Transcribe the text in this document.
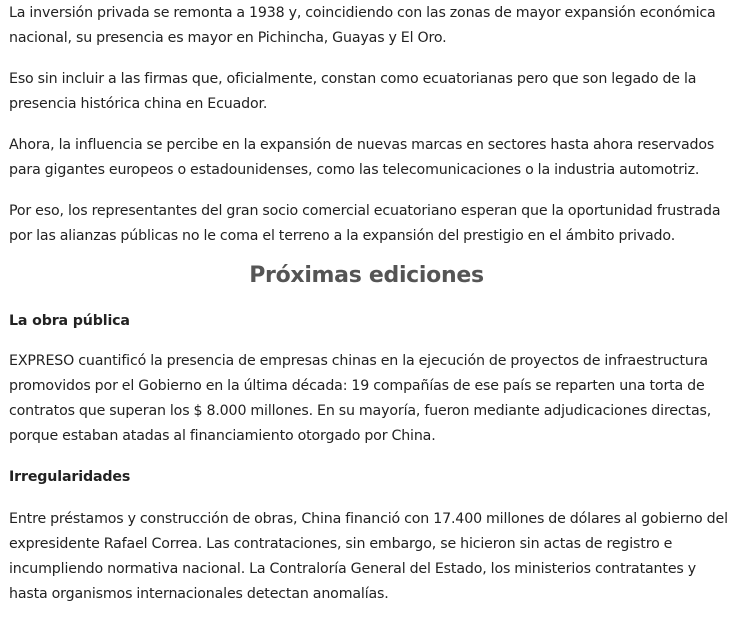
La inversión privada se remonta a 1938 y, coincidiendo con las zonas de mayor expansión económica nacional, su presencia es mayor en Pichincha, Guayas y El Oro.

Eso sin incluir a las firmas que, oficialmente, constan como ecuatorianas pero que son legado de la presencia histórica china en Ecuador.

Ahora, la influencia se percibe en la expansión de nuevas marcas en sectores hasta ahora reservados para gigantes europeos o estadounidenses, como las telecomunicaciones o la industria automotriz.

Por eso, los representantes del gran socio comercial ecuatoriano esperan que la oportunidad frustrada por las alianzas públicas no le coma el terreno a la expansión del prestigio en el ámbito privado.

Próximas ediciones
La obra pública

EXPRESO cuantificó la presencia de empresas chinas en la ejecución de proyectos de infraestructura promovidos por el Gobierno en la última década: 19 compañías de ese país se reparten una torta de contratos que superan los $ 8.000 millones. En su mayoría, fueron mediante adjudicaciones directas, porque estaban atadas al financiamiento otorgado por China.

Irregularidades

Entre préstamos y construcción de obras, China financió con 17.400 millones de dólares al gobierno del expresidente Rafael Correa. Las contrataciones, sin embargo, se hicieron sin actas de registro e incumpliendo normativa nacional. La Contraloría General del Estado, los ministerios contratantes y hasta organismos internacionales detectan anomalías.
